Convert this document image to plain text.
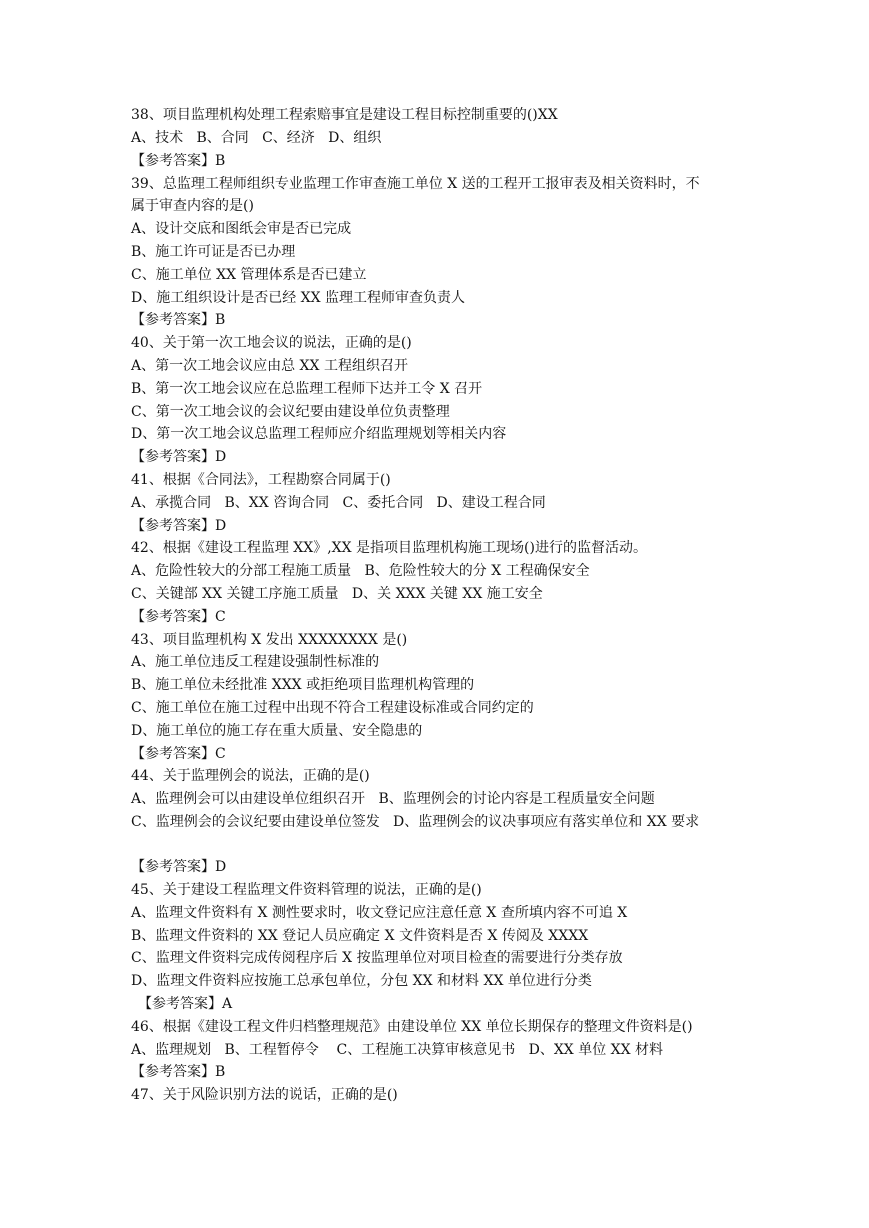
38、项目监理机构处理工程索赔事宜是建设工程目标控制重要的()XX
A、技术   B、合同   C、经济   D、组织
【参考答案】B
39、总监理工程师组织专业监理工作审查施工单位 X 送的工程开工报审表及相关资料时，不
属于审查内容的是()
A、设计交底和图纸会审是否已完成
B、施工许可证是否已办理
C、施工单位 XX 管理体系是否已建立
D、施工组织设计是否已经 XX 监理工程师审查负责人
【参考答案】B
40、关于第一次工地会议的说法，正确的是()
A、第一次工地会议应由总 XX 工程组织召开
B、第一次工地会议应在总监理工程师下达并工令 X 召开
C、第一次工地会议的会议纪要由建设单位负责整理
D、第一次工地会议总监理工程师应介绍监理规划等相关内容
【参考答案】D
41、根据《合同法》，工程勘察合同属于()
A、承揽合同   B、XX 咨询合同   C、委托合同   D、建设工程合同
【参考答案】D
42、根据《建设工程监理 XX》,XX 是指项目监理机构施工现场()进行的监督活动。
A、危险性较大的分部工程施工质量   B、危险性较大的分 X 工程确保安全
C、关键部 XX 关键工序施工质量   D、关 XXX 关键 XX 施工安全
【参考答案】C
43、项目监理机构 X 发出 XXXXXXXX 是()
A、施工单位违反工程建设强制性标准的
B、施工单位未经批准 XXX 或拒绝项目监理机构管理的
C、施工单位在施工过程中出现不符合工程建设标准或合同约定的
D、施工单位的施工存在重大质量、安全隐患的
【参考答案】C
44、关于监理例会的说法，正确的是()
A、监理例会可以由建设单位组织召开   B、监理例会的讨论内容是工程质量安全问题
C、监理例会的会议纪要由建设单位签发   D、监理例会的议决事项应有落实单位和 XX 要求
【参考答案】D
45、关于建设工程监理文件资料管理的说法，正确的是()
A、监理文件资料有 X 测性要求时，收文登记应注意任意 X 查所填内容不可追 X
B、监理文件资料的 XX 登记人员应确定 X 文件资料是否 X 传阅及 XXXX
C、监理文件资料完成传阅程序后 X 按监理单位对项目检查的需要进行分类存放
D、监理文件资料应按施工总承包单位，分包 XX 和材料 XX 单位进行分类
【参考答案】A
46、根据《建设工程文件归档整理规范》由建设单位 XX 单位长期保存的整理文件资料是()
A、监理规划   B、工程暂停令    C、工程施工决算审核意见书   D、XX 单位 XX 材料
【参考答案】B
47、关于风险识别方法的说话，正确的是()
